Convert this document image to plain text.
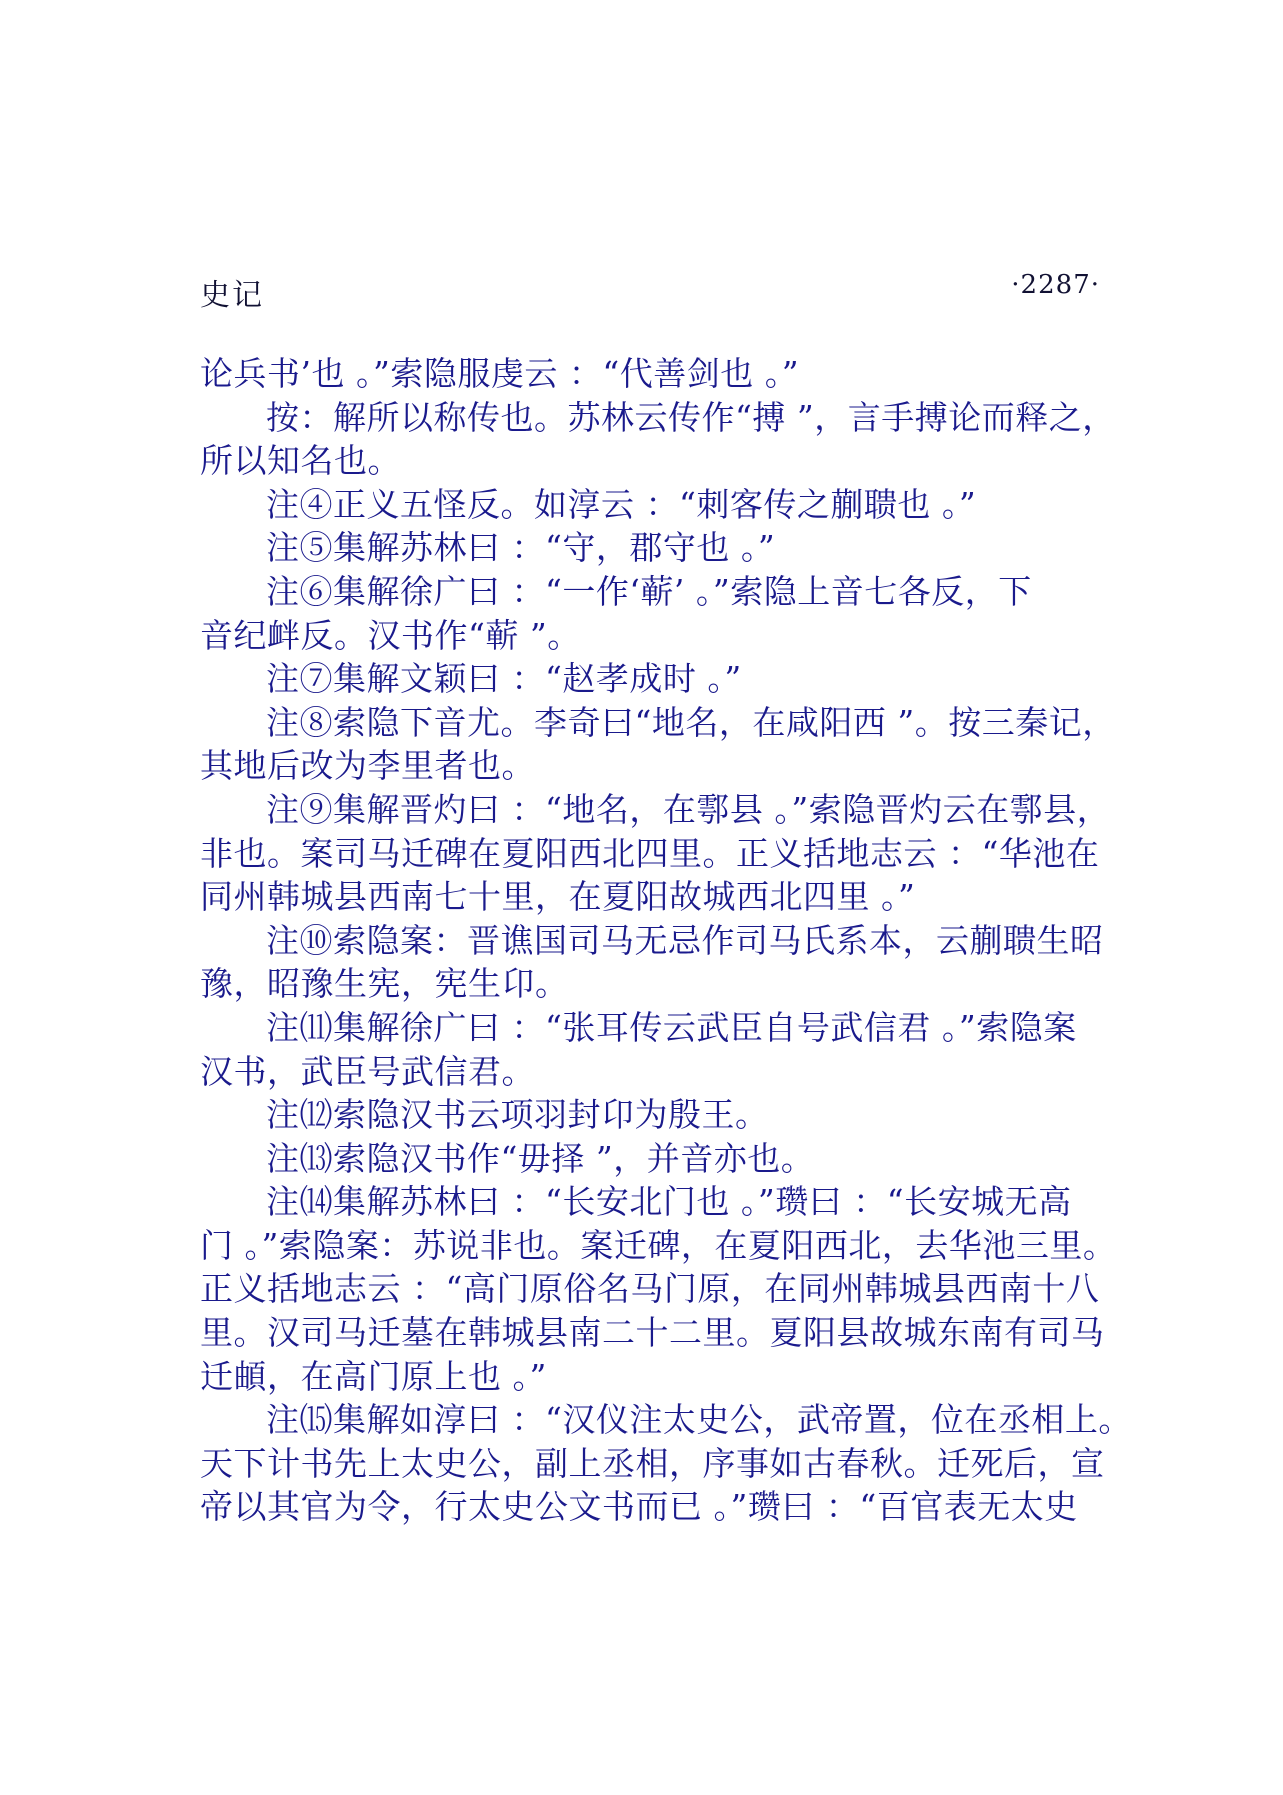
史记	·2287·
论兵书’也 。”索隐服虔云 ：“代善剑也 。”
按：解所以称传也。苏林云传作“搏 ”，言手搏论而释之，
所以知名也。
注④正义五怪反。如淳云 ：“刺客传之蒯聩也 。”
注⑤集解苏林曰 ：“守，郡守也 。”
注⑥集解徐广曰 ：“一作‘蕲’ 。”索隐上音七各反，下
音纪衅反。汉书作“蕲 ”。
注⑦集解文颖曰 ：“赵孝成时 。”
注⑧索隐下音尤。李奇曰“地名，在咸阳西 ”。按三秦记，
其地后改为李里者也。
注⑨集解晋灼曰 ：“地名，在鄠县 。”索隐晋灼云在鄠县，
非也。案司马迁碑在夏阳西北四里。正义括地志云 ：“华池在
同州韩城县西南七十里，在夏阳故城西北四里 。”
注⑩索隐案：晋谯国司马无忌作司马氏系本，云蒯聩生昭
豫，昭豫生宪，宪生卬。
注⑾集解徐广曰 ：“张耳传云武臣自号武信君 。”索隐案
汉书，武臣号武信君。
注⑿索隐汉书云项羽封卬为殷王。
注⒀索隐汉书作“毋择 ”，并音亦也。
注⒁集解苏林曰 ：“长安北门也 。”瓒曰 ：“长安城无高
门 。”索隐案：苏说非也。案迁碑，在夏阳西北，去华池三里。
正义括地志云 ：“高门原俗名马门原，在同州韩城县西南十八
里。汉司马迁墓在韩城县南二十二里。夏阳县故城东南有司马
迁頔，在高门原上也 。”
注⒂集解如淳曰 ：“汉仪注太史公，武帝置，位在丞相上。
天下计书先上太史公，副上丞相，序事如古春秋。迁死后，宣
帝以其官为令，行太史公文书而已 。”瓒曰 ：“百官表无太史
